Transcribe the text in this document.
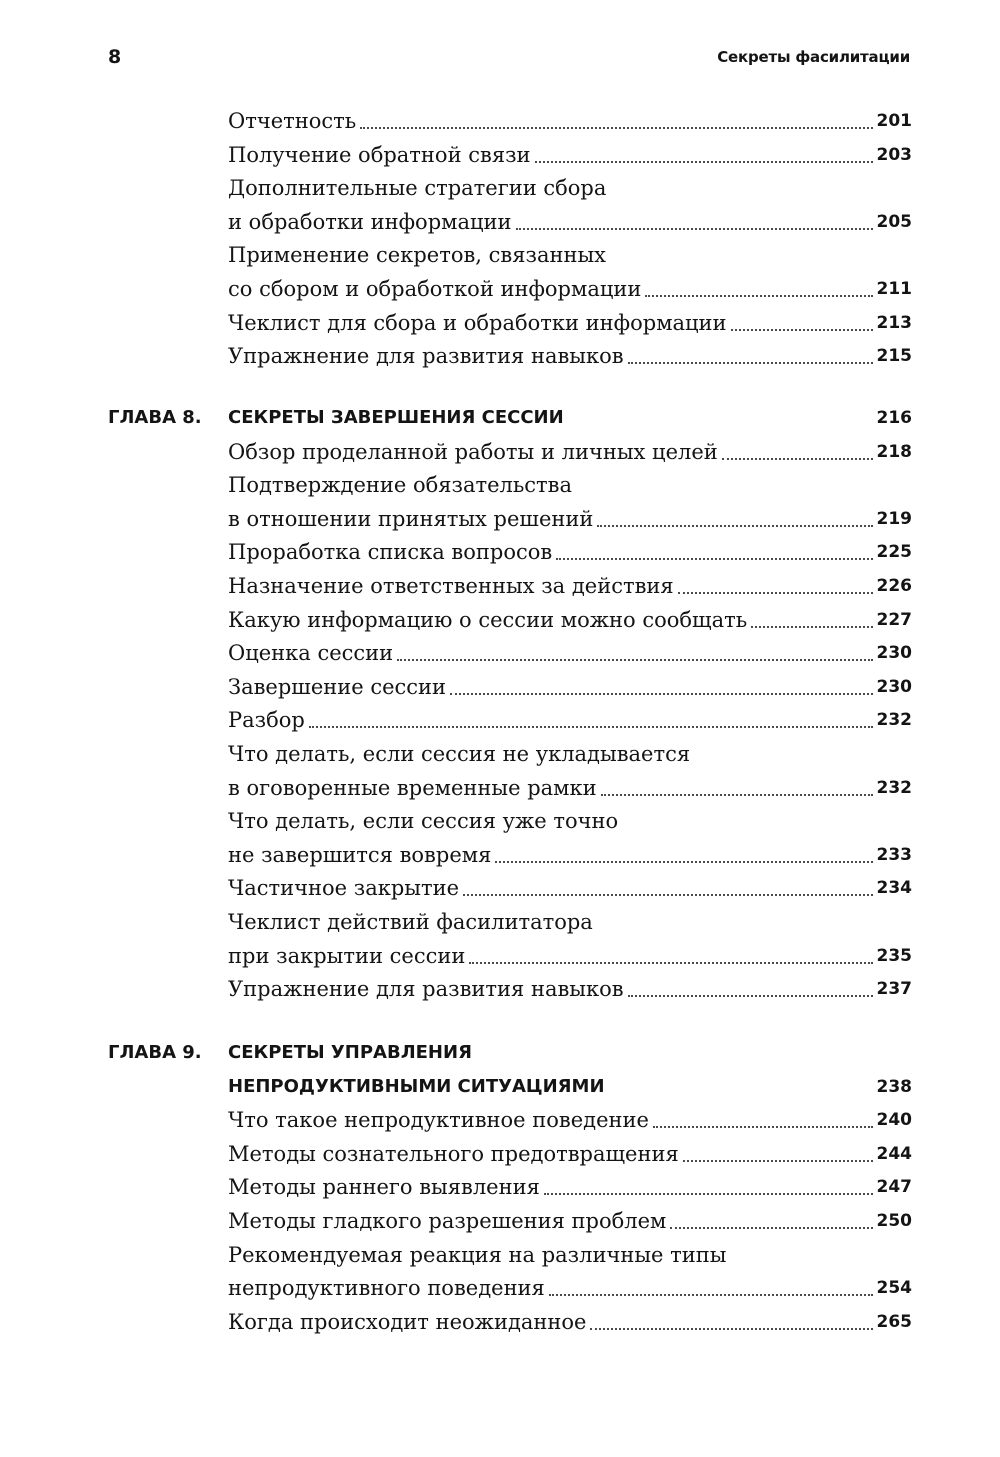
8	Секреты фасилитации
Отчетность	201
Получение обратной связи	203
Дополнительные стратегии сбора
и обработки информации	205
Применение секретов, связанных
со сбором и обработкой информации	211
Чеклист для сбора и обработки информации	213
Упражнение для развития навыков	215
ГЛАВА 8. СЕКРЕТЫ ЗАВЕРШЕНИЯ СЕССИИ	216
Обзор проделанной работы и личных целей	218
Подтверждение обязательства
в отношении принятых решений	219
Проработка списка вопросов	225
Назначение ответственных за действия	226
Какую информацию о сессии можно сообщать	227
Оценка сессии	230
Завершение сессии	230
Разбор	232
Что делать, если сессия не укладывается
в оговоренные временные рамки	232
Что делать, если сессия уже точно
не завершится вовремя	233
Частичное закрытие	234
Чеклист действий фасилитатора
при закрытии сессии	235
Упражнение для развития навыков	237
ГЛАВА 9. СЕКРЕТЫ УПРАВЛЕНИЯ
НЕПРОДУКТИВНЫМИ СИТУАЦИЯМИ	238
Что такое непродуктивное поведение	240
Методы сознательного предотвращения	244
Методы раннего выявления	247
Методы гладкого разрешения проблем	250
Рекомендуемая реакция на различные типы
непродуктивного поведения	254
Когда происходит неожиданное	265
